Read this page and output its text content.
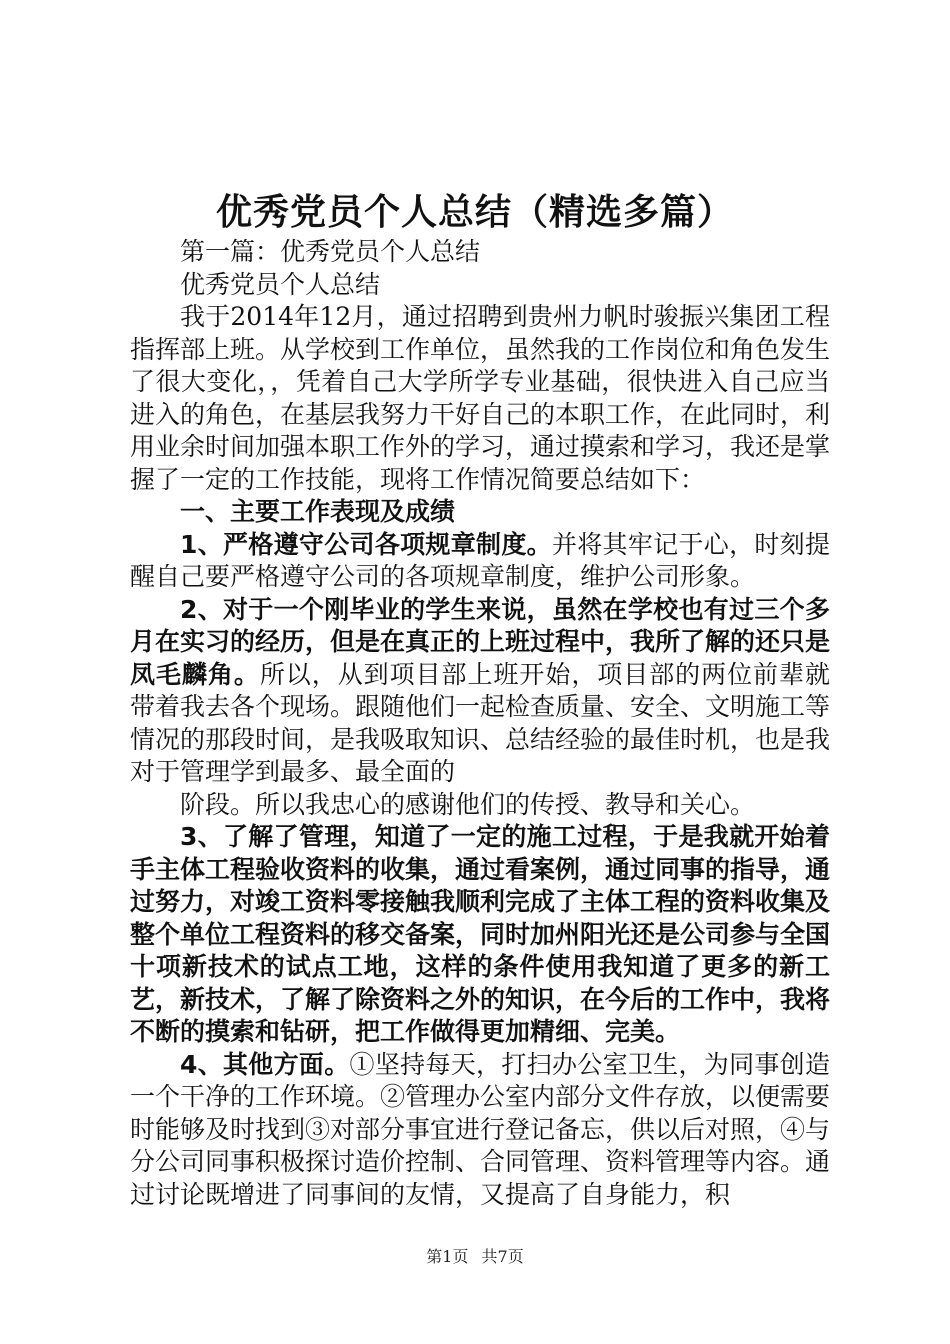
优秀党员个人总结（精选多篇）

第一篇：优秀党员个人总结

优秀党员个人总结

我于2014年12月，通过招聘到贵州力帆时骏振兴集团工程指挥部上班。从学校到工作单位，虽然我的工作岗位和角色发生了很大变化，，凭着自己大学所学专业基础，很快进入自己应当进入的角色，在基层我努力干好自己的本职工作，在此同时，利用业余时间加强本职工作外的学习，通过摸索和学习，我还是掌握了一定的工作技能，现将工作情况简要总结如下：

一、主要工作表现及成绩

1、严格遵守公司各项规章制度。并将其牢记于心，时刻提醒自己要严格遵守公司的各项规章制度，维护公司形象。

2、对于一个刚毕业的学生来说，虽然在学校也有过三个多月在实习的经历，但是在真正的上班过程中，我所了解的还只是凤毛麟角。所以，从到项目部上班开始，项目部的两位前辈就带着我去各个现场。跟随他们一起检查质量、安全、文明施工等情况的那段时间，是我吸取知识、总结经验的最佳时机，也是我对于管理学到最多、最全面的

阶段。所以我忠心的感谢他们的传授、教导和关心。

3、了解了管理，知道了一定的施工过程，于是我就开始着手主体工程验收资料的收集，通过看案例，通过同事的指导，通过努力，对竣工资料零接触我顺利完成了主体工程的资料收集及整个单位工程资料的移交备案，同时加州阳光还是公司参与全国十项新技术的试点工地，这样的条件使用我知道了更多的新工艺，新技术，了解了除资料之外的知识，在今后的工作中，我将不断的摸索和钻研，把工作做得更加精细、完美。

4、其他方面。①坚持每天，打扫办公室卫生，为同事创造一个干净的工作环境。②管理办公室内部分文件存放，以便需要时能够及时找到③对部分事宜进行登记备忘，供以后对照，④与分公司同事积极探讨造价控制、合同管理、资料管理等内容。通过讨论既增进了同事间的友情，又提高了自身能力，积

第1页 共7页
